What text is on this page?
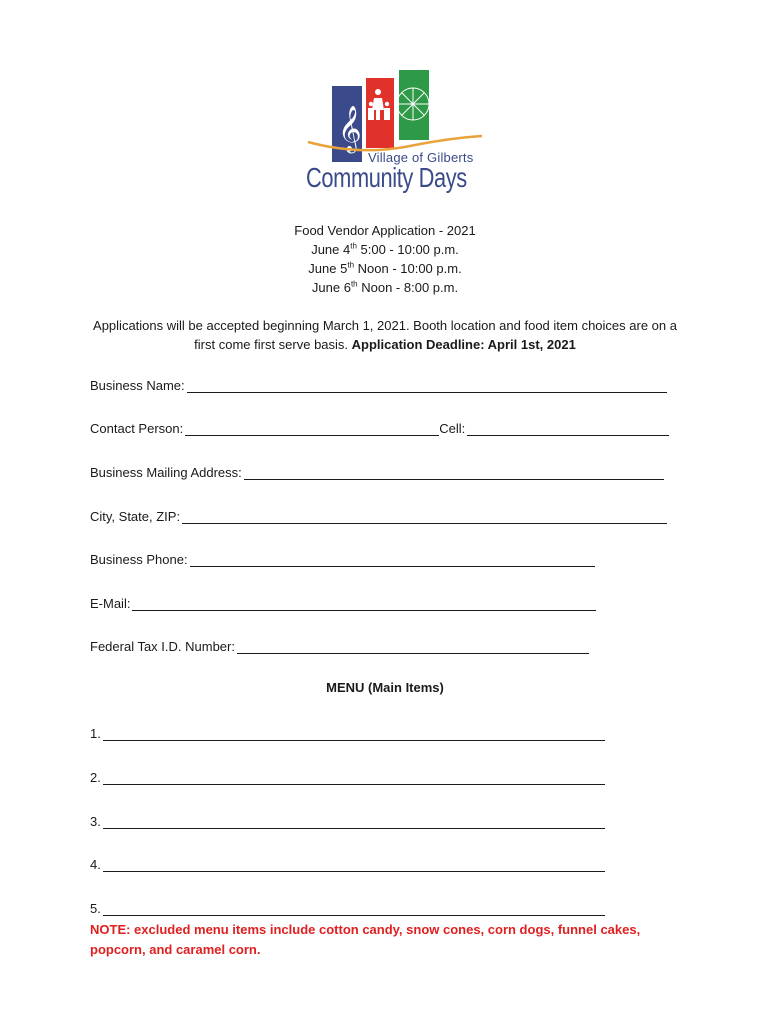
𝄞
Village of Gilberts
Community Days
Food Vendor Application - 2021
June 4th 5:00 - 10:00 p.m.
June 5th Noon - 10:00 p.m.
June 6th Noon - 8:00 p.m.
Applications will be accepted beginning March 1, 2021. Booth location and food item choices are on a first come first serve basis. Application Deadline: April 1st, 2021
Business Name:
Contact Person:	Cell:
Business Mailing Address:
City, State, ZIP:
Business Phone:
E-Mail:
Federal Tax I.D. Number:
MENU (Main Items)
1.
2.
3.
4.
5.
NOTE: excluded menu items include cotton candy, snow cones, corn dogs, funnel cakes, popcorn, and caramel corn.
